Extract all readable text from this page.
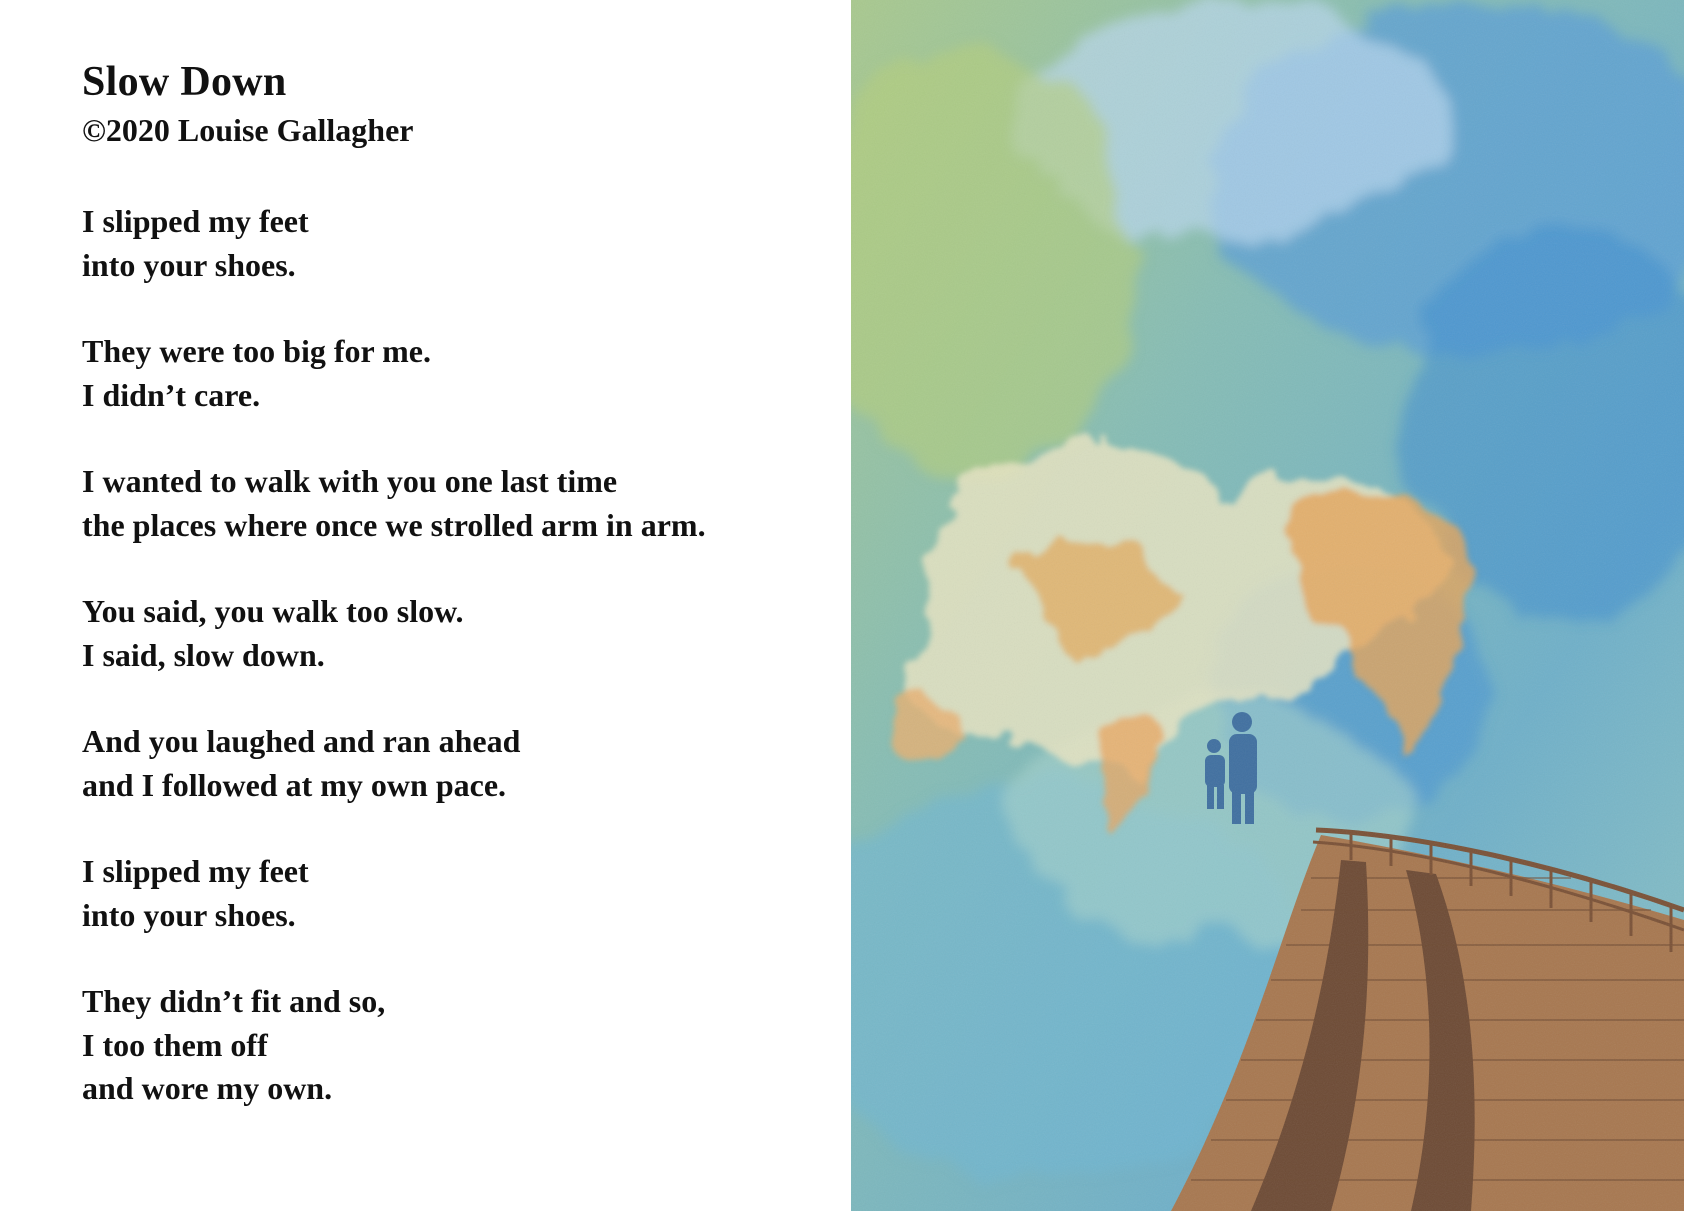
Slow Down
©2020 Louise Gallagher
I slipped my feet
into your shoes.
They were too big for me.
I didn’t care.
I wanted to walk with you one last time
the places where once we strolled arm in arm.
You said, you walk too slow.
I said, slow down.
And you laughed and ran ahead
and I followed at my own pace.
I slipped my feet
into your shoes.
They didn’t fit and so,
I too them off
and wore my own.
